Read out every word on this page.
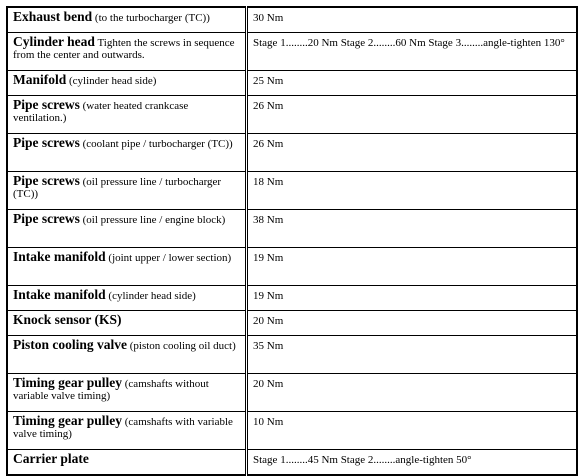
Exhaust bend (to the turbocharger (TC))	30 Nm
Cylinder head Tighten the screws in sequence from the center and outwards.	Stage 1........20 Nm Stage 2........60 Nm Stage 3........angle-tighten 130°
Manifold (cylinder head side)	25 Nm
Pipe screws (water heated crankcase ventilation.)	26 Nm
Pipe screws (coolant pipe / turbocharger (TC))	26 Nm
Pipe screws (oil pressure line / turbocharger (TC))	18 Nm
Pipe screws (oil pressure line / engine block)	38 Nm
Intake manifold (joint upper / lower section)	19 Nm
Intake manifold (cylinder head side)	19 Nm
Knock sensor (KS)	20 Nm
Piston cooling valve (piston cooling oil duct)	35 Nm
Timing gear pulley (camshafts without variable valve timing)	20 Nm
Timing gear pulley (camshafts with variable valve timing)	10 Nm
Carrier plate	Stage 1........45 Nm Stage 2........angle-tighten 50°
